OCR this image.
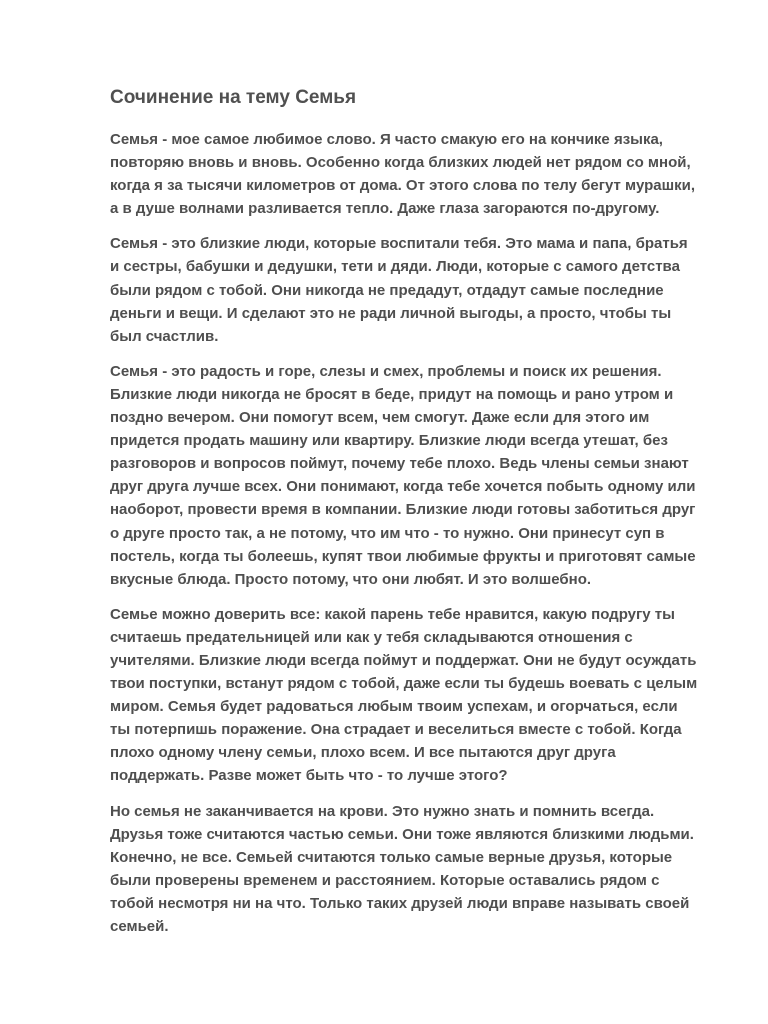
Сочинение на тему Семья

Семья - мое самое любимое слово. Я часто смакую его на кончике языка, повторяю вновь и вновь. Особенно когда близких людей нет рядом со мной, когда я за тысячи километров от дома. От этого слова по телу бегут мурашки, а в душе волнами разливается тепло. Даже глаза загораются по-другому.

Семья - это близкие люди, которые воспитали тебя. Это мама и папа, братья и сестры, бабушки и дедушки, тети и дяди. Люди, которые с самого детства были рядом с тобой. Они никогда не предадут, отдадут самые последние деньги и вещи. И сделают это не ради личной выгоды, а просто, чтобы ты был счастлив.

Семья - это радость и горе, слезы и смех, проблемы и поиск их решения. Близкие люди никогда не бросят в беде, придут на помощь и рано утром и поздно вечером. Они помогут всем, чем смогут. Даже если для этого им придется продать машину или квартиру. Близкие люди всегда утешат, без разговоров и вопросов поймут, почему тебе плохо. Ведь члены семьи знают друг друга лучше всех. Они понимают, когда тебе хочется побыть одному или наоборот, провести время в компании. Близкие люди готовы заботиться друг о друге просто так, а не потому, что им что - то нужно. Они принесут суп в постель, когда ты болеешь, купят твои любимые фрукты и приготовят самые вкусные блюда. Просто потому, что они любят. И это волшебно.

Семье можно доверить все: какой парень тебе нравится, какую подругу ты считаешь предательницей или как у тебя складываются отношения с учителями. Близкие люди всегда поймут и поддержат. Они не будут осуждать твои поступки, встанут рядом с тобой, даже если ты будешь воевать с целым миром. Семья будет радоваться любым твоим успехам, и огорчаться, если ты потерпишь поражение. Она страдает и веселиться вместе с тобой. Когда плохо одному члену семьи, плохо всем. И все пытаются друг друга поддержать. Разве может быть что - то лучше этого?

Но семья не заканчивается на крови. Это нужно знать и помнить всегда. Друзья тоже считаются частью семьи. Они тоже являются близкими людьми. Конечно, не все. Семьей считаются только самые верные друзья, которые были проверены временем и расстоянием. Которые оставались рядом с тобой несмотря ни на что. Только таких друзей люди вправе называть своей семьей.
